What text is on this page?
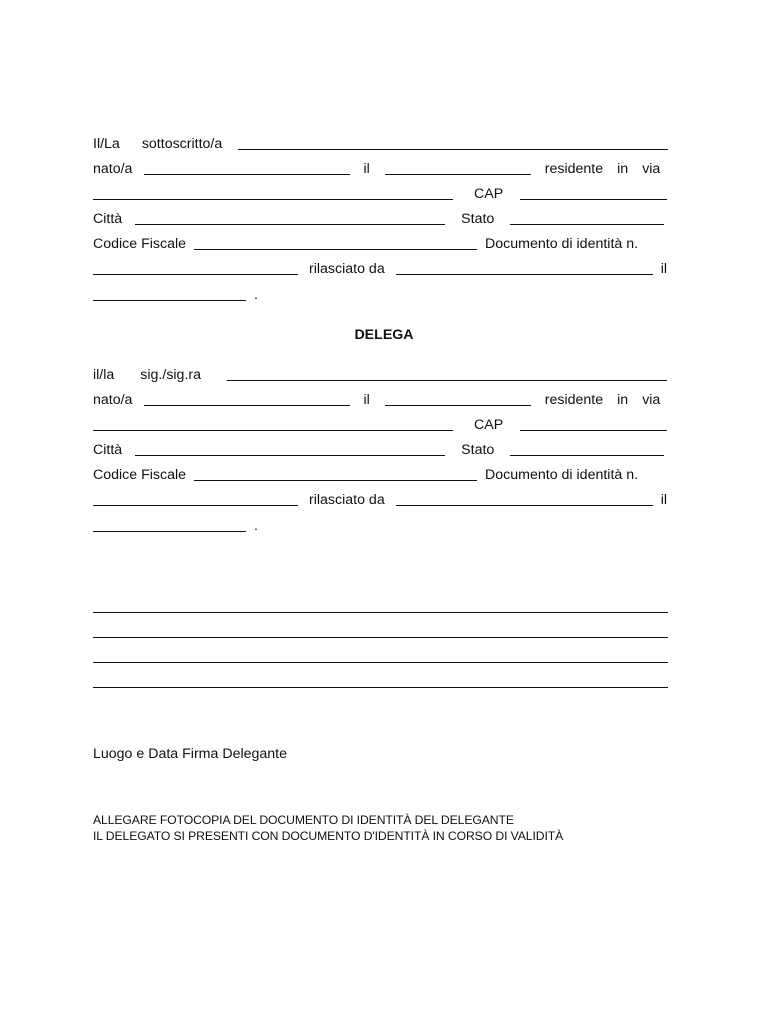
Il/La sottoscritto/a
nato/a	il	residente in via
CAP
Città	Stato
Codice Fiscale	Documento di identità n.
rilasciato da	il
.
DELEGA
il/la sig./sig.ra
nato/a	il	residente in via
CAP
Città	Stato
Codice Fiscale	Documento di identità n.
rilasciato da	il
.
Luogo e Data Firma Delegante
ALLEGARE FOTOCOPIA DEL DOCUMENTO DI IDENTITÀ DEL DELEGANTE
IL DELEGATO SI PRESENTI CON DOCUMENTO D'IDENTITÀ IN CORSO DI VALIDITÀ
